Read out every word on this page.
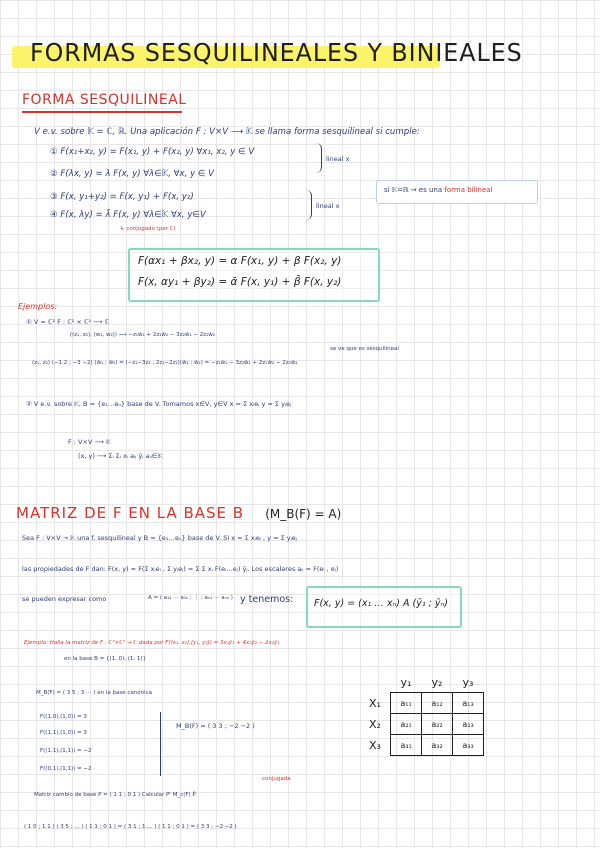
FORMAS SESQUILINEALES Y BINIEALES
FORMA SESQUILINEAL
V e.v. sobre 𝕂 = ℂ, ℝ. Una aplicación F : V×V ⟶ 𝕂 se llama forma sesquilineal si cumple:
① F(x₁+x₂, y) = F(x₁, y) + F(x₂, y) ∀x₁, x₂, y ∈ V
② F(λx, y) = λ F(x, y) ∀λ∈𝕂, ∀x, y ∈ V
③ F(x, y₁+y₂) = F(x, y₁) + F(x, y₂)
④ F(x, λy) = λ̄ F(x, y) ∀λ∈𝕂 ∀x, y∈V
lineal x
lineal x
↳ conjugado (por ℂ)
si 𝕂=ℝ → es una forma bilineal
F(αx₁ + βx₂, y) = α F(x₁, y) + β F(x₂, y)
F(x, αy₁ + βy₂) = ᾱ F(x, y₁) + β̄ F(x, y₂)
Ejemplos:
① V = ℂ² F : ℂ² × ℂ² ⟶ ℂ
((z₁, z₂), (w₁, w₂)) ⟶ −z₁w̄₁ + 2z₁w̄₂ − 3z₂w̄₁ − 2z₂w̄₂
(z₁, z₂) (−1 2 ; −3 −2) (w̄₁ ; w̄₂) = (−z₁−3z₂ , 2z₁−2z₂)(w̄₁ ; w̄₂) = −z₁w̄₁ − 3z₂w̄₁ + 2z₁w̄₂ − 2z₂w̄₂
se ve que es sesquilineal
② V e.v. sobre 𝕂, B = {e₁…eₙ} base de V. Tomamos x∈V, y∈V x = Σ xᵢeᵢ y = Σ yⱼeⱼ
F : V×V ⟶ 𝕂
(x, y) ⟶ Σᵢ Σⱼ xᵢ aᵢⱼ ȳⱼ aᵢⱼ∈𝕂
MATRIZ DE F EN LA BASE B (M_B(F) = A)
Sea F : V×V → 𝕂 una f. sesquilineal y B = {e₁…eₙ} base de V. Si x = Σ xᵢeᵢ , y = Σ yⱼeⱼ
las propiedades de F dan: F(x, y) = F(Σ xᵢeᵢ , Σ yⱼeⱼ) = Σ Σ xᵢ F(eᵢ…eⱼ) ȳⱼ. Los escalares aᵢⱼ = F(eᵢ , eⱼ)
se pueden expresar como	A = ( a₁₁ ⋯ a₁ₙ ; ⋮ ; aₙ₁ ⋯ aₙₙ ) y tenemos: F(x, y) = (x₁ … xₙ) A (ȳ₁ ; ȳₙ)
Ejemplo: Halla la matriz de F : ℂ²×ℂ² → ℂ dada por F((x₁, x₂),(y₁, y₂)) = 3x₁ȳ₁ + 4x₂ȳ₂ − 2x₂ȳ₁
en la base B = {(1, 0), (1, 1)}
M_B(F) = ( 3 5 ; 3 ⋯ ) en la base canónica
F((1,0),(1,0)) = 3
F((1,1),(1,0)) = 3
F((1,1),(1,1)) = −2
F((0,1),(1,1)) = −2
M_B(F) = ( 3 3 ; −2 −2 )
Matriz cambio de base P = ( 1 1 ; 0 1 ) Calcular Pᵗ M_c(F) P̄
conjugada
( 1 0 ; 1 1 ) ( 3 5 ; ... ) ( 1 1 ; 0 1 ) = ( 3 1 ; 1 ... ) ( 1 1 ; 0 1 ) = ( 3 3 ; −2 −2 )
	y₁	y₂	y₃
X₁	a₁₁	a₁₂	a₁₃
X₂	a₂₁	a₂₂	a₂₃
X₃	a₃₁	a₃₂	a₃₃
